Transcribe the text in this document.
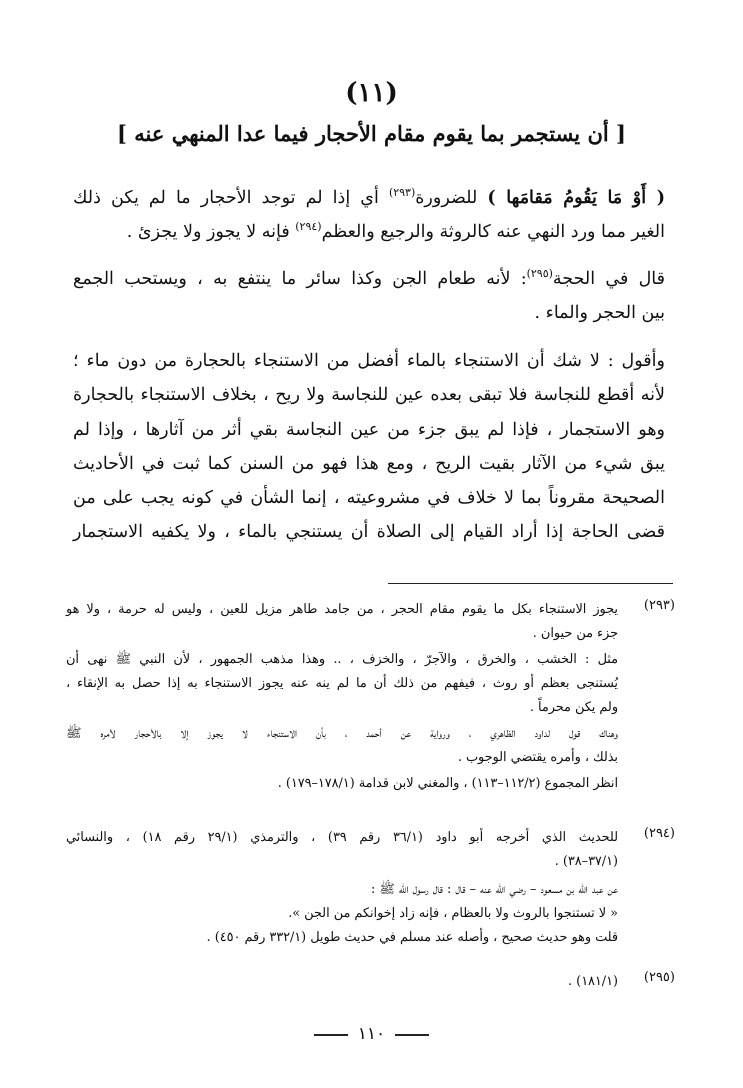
(١١)
[ أن يستجمر بما يقوم مقام الأحجار فيما عدا المنهي عنه ]
( أَوْ مَا يَقُومُ مَقامَها ) للضرورة$^{(٢٩٣)}$ أي إذا لم توجد الأحجار ما لم يكن ذلك
الغير مما ورد النهي عنه كالروثة والرجيع والعظم$^{(٢٩٤)}$ فإنه لا يجوز ولا يجزئ .
قال في الحجة$^{(٢٩٥)}$: لأنه طعام الجن وكذا سائر ما ينتفع به ، ويستحب الجمع
بين الحجر والماء .
وأقول : لا شك أن الاستنجاء بالماء أفضل من الاستنجاء بالحجارة من دون ماء ؛
لأنه أقطع للنجاسة فلا تبقى بعده عين للنجاسة ولا ريح ، بخلاف الاستنجاء بالحجارة
وهو الاستجمار ، فإذا لم يبق جزء من عين النجاسة بقي أثر من آثارها ، وإذا لم
يبق شيء من الآثار بقيت الريح ، ومع هذا فهو من السنن كما ثبت في الأحاديث
الصحيحة مقروناً بما لا خلاف في مشروعيته ، إنما الشأن في كونه يجب على من
قضى الحاجة إذا أراد القيام إلى الصلاة أن يستنجي بالماء ، ولا يكفيه الاستجمار
(٢٩٣)
يجوز الاستنجاء بكل ما يقوم مقام الحجر ، من جامد طاهر مزيل للعين ، وليس له حرمة ، ولا هو
جزء من حيوان .
مثل : الخشب ، والخرق ، والآجرّ ، والخزف ، .. وهذا مذهب الجمهور ، لأن النبي ﷺ نهى أن
يُستنجى بعظم أو روث ، فيفهم من ذلك أن ما لم ينه عنه يجوز الاستنجاء به إذا حصل به الإنقاء ،
ولم يكن محرماً .
وهناك قول لداود الظاهري ، ورواية عن أحمد ، بأن الاستنجاء لا يجوز إلا بالأحجار لأمره ﷺ
بذلك ، وأمره يقتضي الوجوب .
انظر المجموع (١١٢/٢–١١٣) ، والمغني لابن قدامة (١٧٨/١–١٧٩) .
(٢٩٤)
للحديث الذي أخرجه أبو داود (٣٦/١ رقم ٣٩) ، والترمذي (٢٩/١ رقم ١٨) ، والنسائي
(٣٧/١–٣٨) .
عن عبد الله بن مسعود – رضي الله عنه – قال : قال رسول الله ﷺ :
« لا تستنجوا بالروث ولا بالعظام ، فإنه زاد إخوانكم من الجن ».
قلت وهو حديث صحيح ، وأصله عند مسلم في حديث طويل (٣٣٢/١ رقم ٤٥٠) .
(٢٩٥)
(١٨١/١) .
١١٠
